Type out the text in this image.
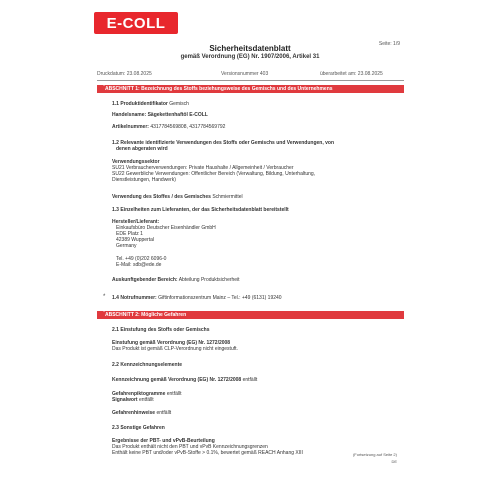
E-COLL
Seite: 1/9
Sicherheitsdatenblatt
gemäß Verordnung (EG) Nr. 1907/2006, Artikel 31
Druckdatum: 23.08.2025	Versionsnummer 403	überarbeitet am: 23.08.2025
ABSCHNITT 1: Bezeichnung des Stoffs beziehungsweise des Gemischs und des Unternehmens
*
1.1 Produktidentifikator Gemisch
Handelsname: Sägekettenhaftöl E-COLL
Artikelnummer: 4317784569808, 4317784569792
1.2 Relevante identifizierte Verwendungen des Stoffs oder Gemischs und Verwendungen, von
denen abgeraten wird
Verwendungssektor
SU21 Verbraucherverwendungen: Private Haushalte / Allgemeinheit / Verbraucher
SU22 Gewerbliche Verwendungen: Öffentlicher Bereich (Verwaltung, Bildung, Unterhaltung,
Dienstleistungen, Handwerk)
Verwendung des Stoffes / des Gemisches Schmiermittel
1.3 Einzelheiten zum Lieferanten, der das Sicherheitsdatenblatt bereitstellt
Hersteller/Lieferant:
Einkaufsbüro Deutscher Eisenhändler GmbH
EDE Platz 1
42389 Wuppertal
Germany
Tel. +49 (0)202 6096-0
E-Mail: sdb@ede.de
Auskunftgebender Bereich: Abteilung Produktsicherheit
* 1.4 Notrufnummer: Giftinformationszentrum Mainz – Tel.: +49 (6131) 19240
ABSCHNITT 2: Mögliche Gefahren
*
2.1 Einstufung des Stoffs oder Gemischs
Einstufung gemäß Verordnung (EG) Nr. 1272/2008
Das Produkt ist gemäß CLP-Verordnung nicht eingestuft.
2.2 Kennzeichnungselemente
Kennzeichnung gemäß Verordnung (EG) Nr. 1272/2008 entfällt
Gefahrenpiktogramme entfällt
Signalwort entfällt
Gefahrenhinweise entfällt
2.3 Sonstige Gefahren
Ergebnisse der PBT- und vPvB-Beurteilung
Das Produkt enthält nicht den PBT und vPvB Kennzeichnungsgrenzen
Enthält keine PBT und/oder vPvB-Stoffe > 0.1%, bewertet gemäß REACH Anhang XIII	(Fortsetzung auf Seite 2)
DE
